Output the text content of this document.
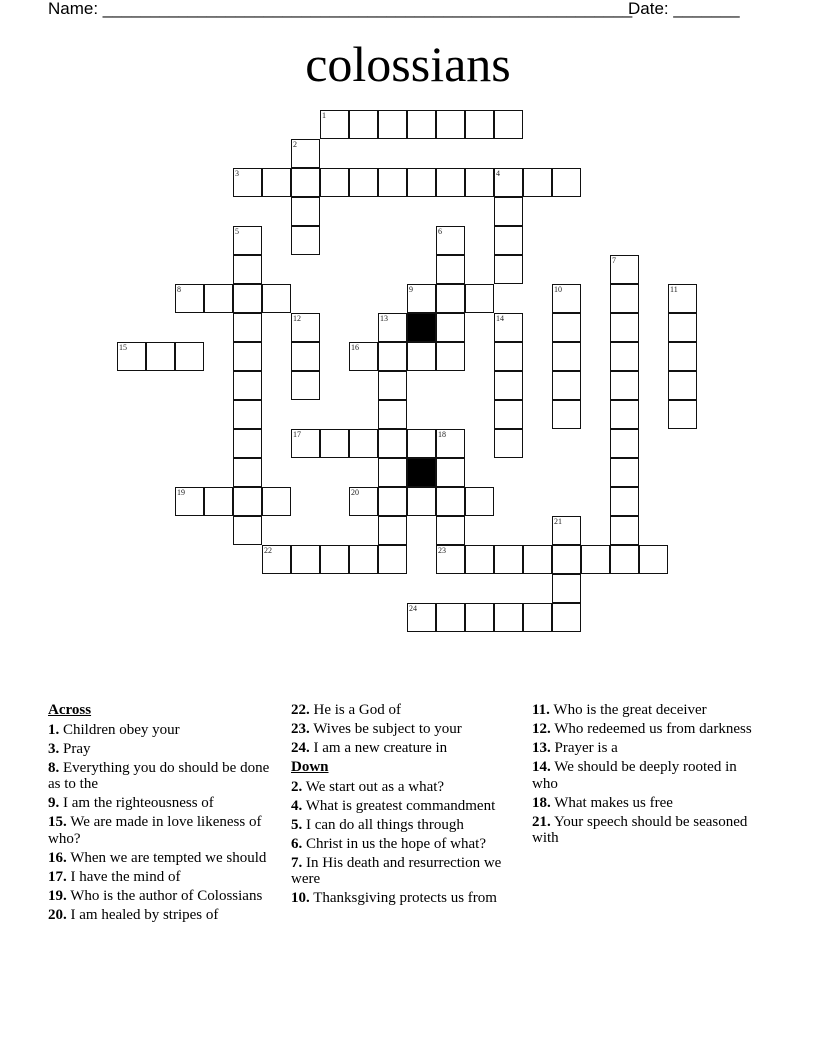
Name: ________________________________________________________
Date: _______
colossians
1
2
3	4
5	6
7
8	9	10	11
12	13	14
15	16
17	18
23
19	20
21
22
24
Across
1. Children obey your
3. Pray
8. Everything you do should be done as to the
9. I am the righteousness of
15. We are made in love likeness of who?
16. When we are tempted we should
17. I have the mind of
19. Who is the author of Colossians
20. I am healed by stripes of
22. He is a God of
23. Wives be subject to your
24. I am a new creature in
Down
2. We start out as a what?
4. What is greatest commandment
5. I can do all things through
6. Christ in us the hope of what?
7. In His death and resurrection we were
10. Thanksgiving protects us from
11. Who is the great deceiver
12. Who redeemed us from darkness
13. Prayer is a
14. We should be deeply rooted in who
18. What makes us free
21. Your speech should be seasoned with
